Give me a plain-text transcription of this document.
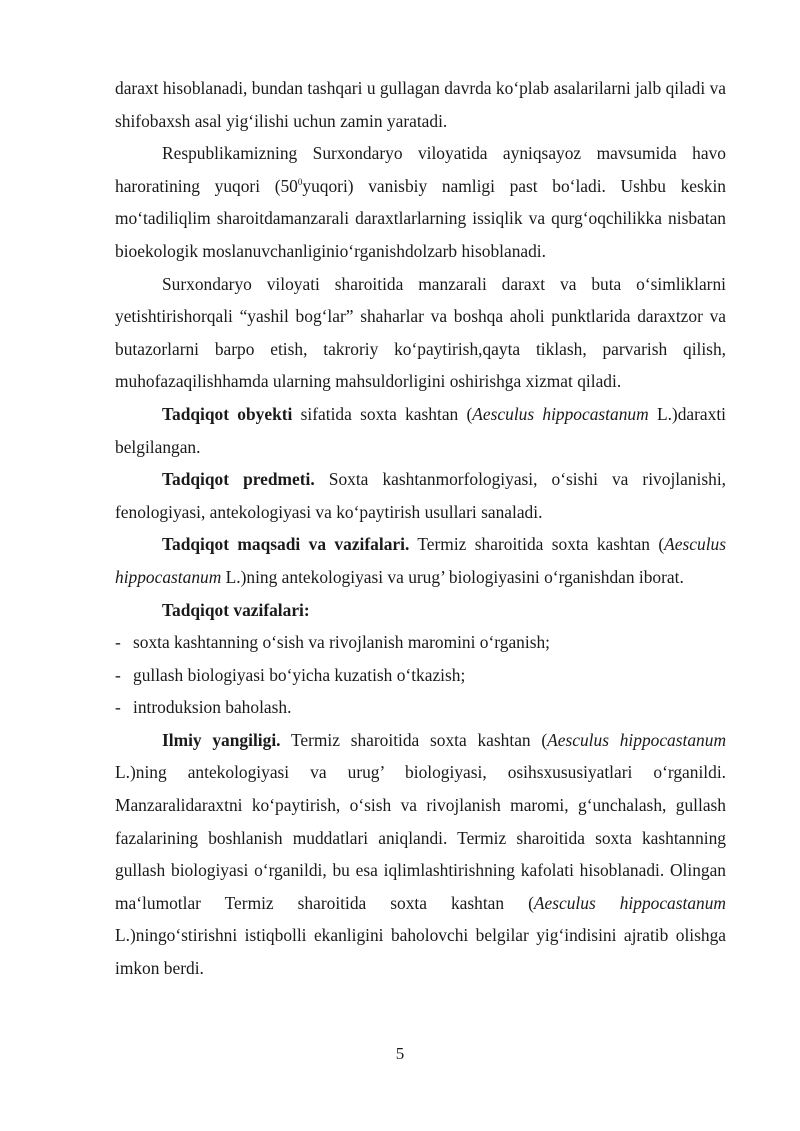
daraxt hisoblanadi, bundan tashqari u gullagan davrda koʻplab asalarilarni jalb qiladi va shifobaxsh asal yigʻilishi uchun zamin yaratadi.

Respublikamizning Surxondaryo viloyatida ayniqsayoz mavsumida havo haroratining yuqori $(50^0yuqori)$ vanisbiy namligi past boʻladi. Ushbu keskin moʻtadiliqlim sharoitdamanzarali daraxtlarlarning issiqlik va qurgʻoqchilikka nisbatan bioekologik moslanuvchanliginioʻrganishdolzarb hisoblanadi.

Surxondaryo viloyati sharoitida manzarali daraxt va buta oʻsimliklarni yetishtirishorqali “yashil bogʻlar” shaharlar va boshqa aholi punktlarida daraxtzor va butazorlarni barpo etish, takroriy koʻpaytirish,qayta tiklash, parvarish qilish, muhofazaqilishhamda ularning mahsuldorligini oshirishga xizmat qiladi.

Tadqiqot obyekti sifatida soxta kashtan (Aesculus hippocastanum L.)daraxti belgilangan.

Tadqiqot predmeti. Soxta kashtanmorfologiyasi, oʻsishi va rivojlanishi, fenologiyasi, antekologiyasi va koʻpaytirish usullari sanaladi.

Tadqiqot maqsadi va vazifalari. Termiz sharoitida soxta kashtan (Aesculus hippocastanum L.)ning antekologiyasi va urug’ biologiyasini oʻrganishdan iborat.

Tadqiqot vazifalari:

- soxta kashtanning oʻsish va rivojlanish maromini oʻrganish;
- gullash biologiyasi boʻyicha kuzatish oʻtkazish;
- introduksion baholash.

Ilmiy yangiligi. Termiz sharoitida soxta kashtan (Aesculus hippocastanum L.)ning antekologiyasi va urug’ biologiyasi, osihsxususiyatlari oʻrganildi. Manzaralidaraxtni koʻpaytirish, oʻsish va rivojlanish maromi, gʻunchalash, gullash fazalarining boshlanish muddatlari aniqlandi. Termiz sharoitida soxta kashtanning gullash biologiyasi oʻrganildi, bu esa iqlimlashtirishning kafolati hisoblanadi. Olingan maʻlumotlar Termiz sharoitida soxta kashtan (Aesculus hippocastanum L.)ningoʻstirishni istiqbolli ekanligini baholovchi belgilar yigʻindisini ajratib olishga imkon berdi.

5
